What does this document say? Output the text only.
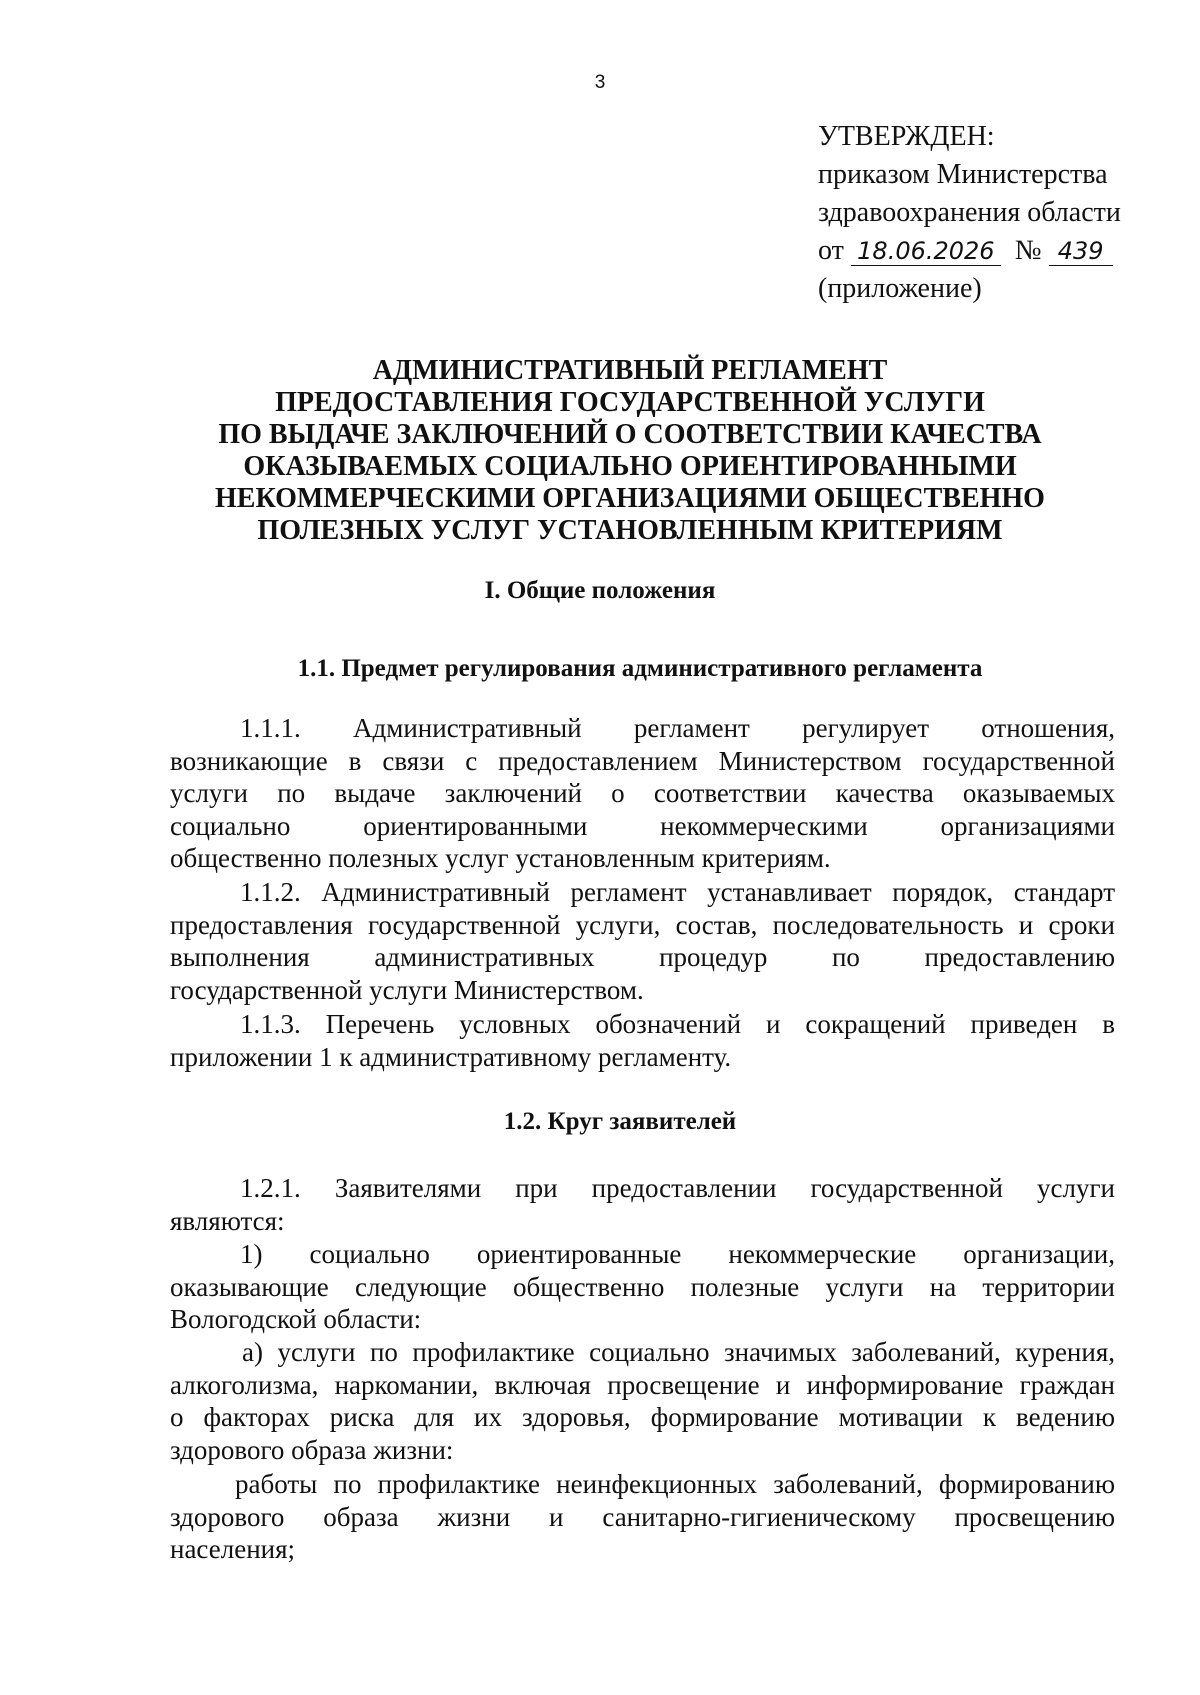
3
УТВЕРЖДЕН:
приказом Министерства
здравоохранения области
от 18.06.2026 № 439
(приложение)
АДМИНИСТРАТИВНЫЙ РЕГЛАМЕНТ
ПРЕДОСТАВЛЕНИЯ ГОСУДАРСТВЕННОЙ УСЛУГИ
ПО ВЫДАЧЕ ЗАКЛЮЧЕНИЙ О СООТВЕТСТВИИ КАЧЕСТВА
ОКАЗЫВАЕМЫХ СОЦИАЛЬНО ОРИЕНТИРОВАННЫМИ
НЕКОММЕРЧЕСКИМИ ОРГАНИЗАЦИЯМИ ОБЩЕСТВЕННО
ПОЛЕЗНЫХ УСЛУГ УСТАНОВЛЕННЫМ КРИТЕРИЯМ
I. Общие положения
1.1. Предмет регулирования административного регламента
1.1.1. Административный регламент регулирует отношения,
возникающие в связи с предоставлением Министерством государственной
услуги по выдаче заключений о соответствии качества оказываемых
социально ориентированными некоммерческими организациями
общественно полезных услуг установленным критериям.
1.1.2. Административный регламент устанавливает порядок, стандарт
предоставления государственной услуги, состав, последовательность и сроки
выполнения административных процедур по предоставлению
государственной услуги Министерством.
1.1.3. Перечень условных обозначений и сокращений приведен в
приложении 1 к административному регламенту.
1.2. Круг заявителей
1.2.1. Заявителями при предоставлении государственной услуги
являются:
1) социально ориентированные некоммерческие организации,
оказывающие следующие общественно полезные услуги на территории
Вологодской области:
а) услуги по профилактике социально значимых заболеваний, курения,
алкоголизма, наркомании, включая просвещение и информирование граждан
о факторах риска для их здоровья, формирование мотивации к ведению
здорового образа жизни:
работы по профилактике неинфекционных заболеваний, формированию
здорового образа жизни и санитарно-гигиеническому просвещению
населения;
